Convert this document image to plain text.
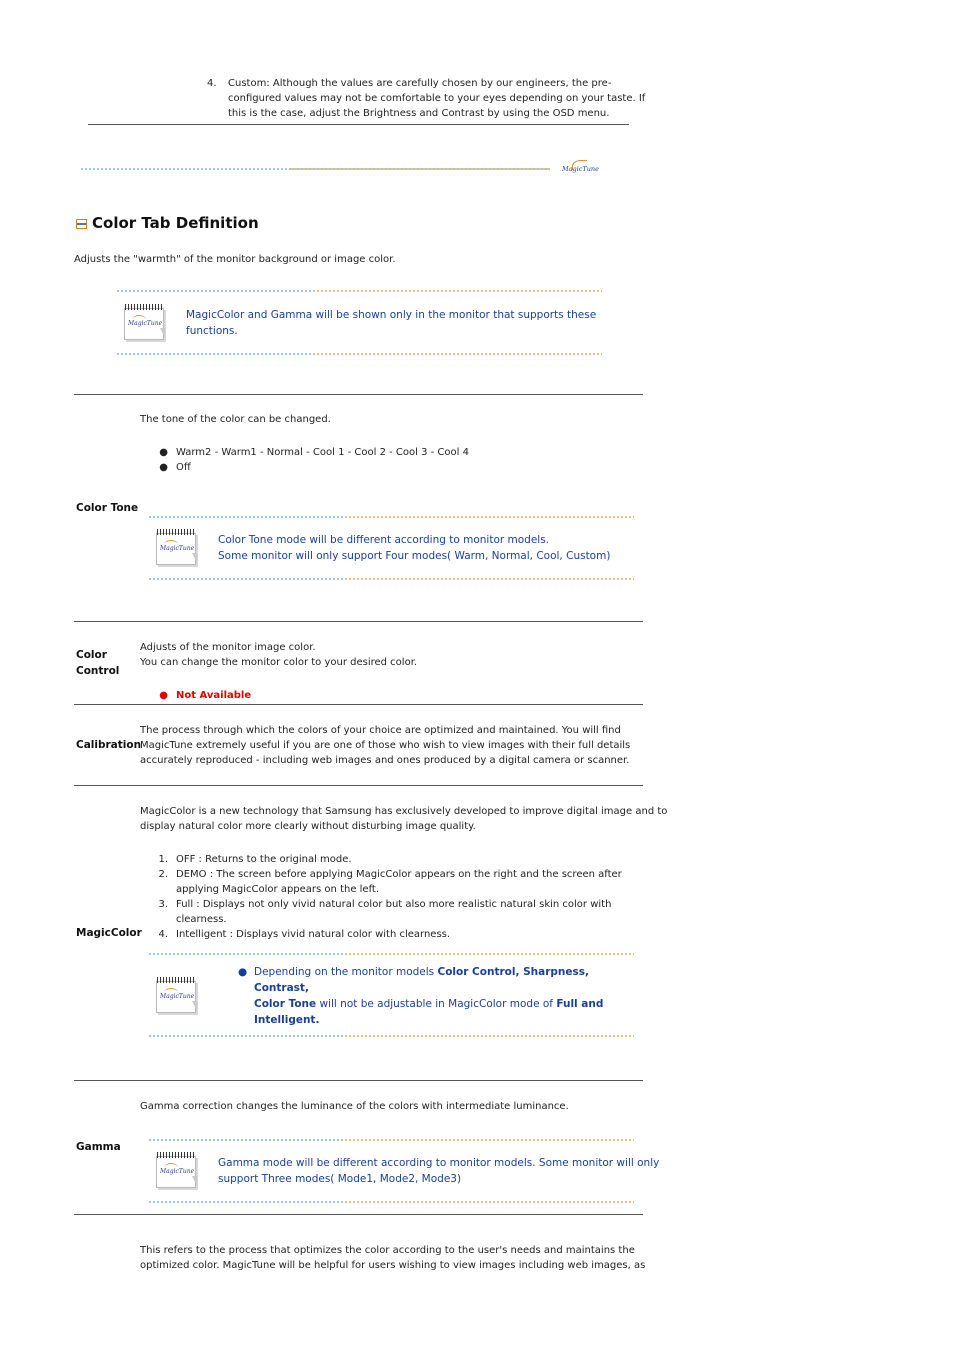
4. Custom: Although the values are carefully chosen by our engineers, the pre-
configured values may not be comfortable to your eyes depending on your taste. If
this is the case, adjust the Brightness and Contrast by using the OSD menu.
MagicTune
Color Tab Definition
Adjusts the "warmth" of the monitor background or image color.
MagicTune
MagicColor and Gamma will be shown only in the monitor that supports these
functions.
The tone of the color can be changed.
● Warm2 - Warm1 - Normal - Cool 1 - Cool 2 - Cool 3 - Cool 4
● Off
Color Tone
MagicTune
Color Tone mode will be different according to monitor models.
Some monitor will only support Four modes( Warm, Normal, Cool, Custom)
Color
Control
Adjusts of the monitor image color.
You can change the monitor color to your desired color.
● Not Available
Calibration
The process through which the colors of your choice are optimized and maintained. You will find
MagicTune extremely useful if you are one of those who wish to view images with their full details
accurately reproduced - including web images and ones produced by a digital camera or scanner.
MagicColor is a new technology that Samsung has exclusively developed to improve digital image and to
display natural color more clearly without disturbing image quality.
1. OFF : Returns to the original mode.
2. DEMO : The screen before applying MagicColor appears on the right and the screen after
applying MagicColor appears on the left.
3. Full : Displays not only vivid natural color but also more realistic natural skin color with clearness.
4. Intelligent : Displays vivid natural color with clearness.
MagicColor
MagicTune
● Depending on the monitor models Color Control, Sharpness, Contrast,
Color Tone will not be adjustable in MagicColor mode of Full and Intelligent.
Gamma correction changes the luminance of the colors with intermediate luminance.
Gamma
MagicTune
Gamma mode will be different according to monitor models. Some monitor will only
support Three modes( Mode1, Mode2, Mode3)
This refers to the process that optimizes the color according to the user's needs and maintains the
optimized color. MagicTune will be helpful for users wishing to view images including web images, as
